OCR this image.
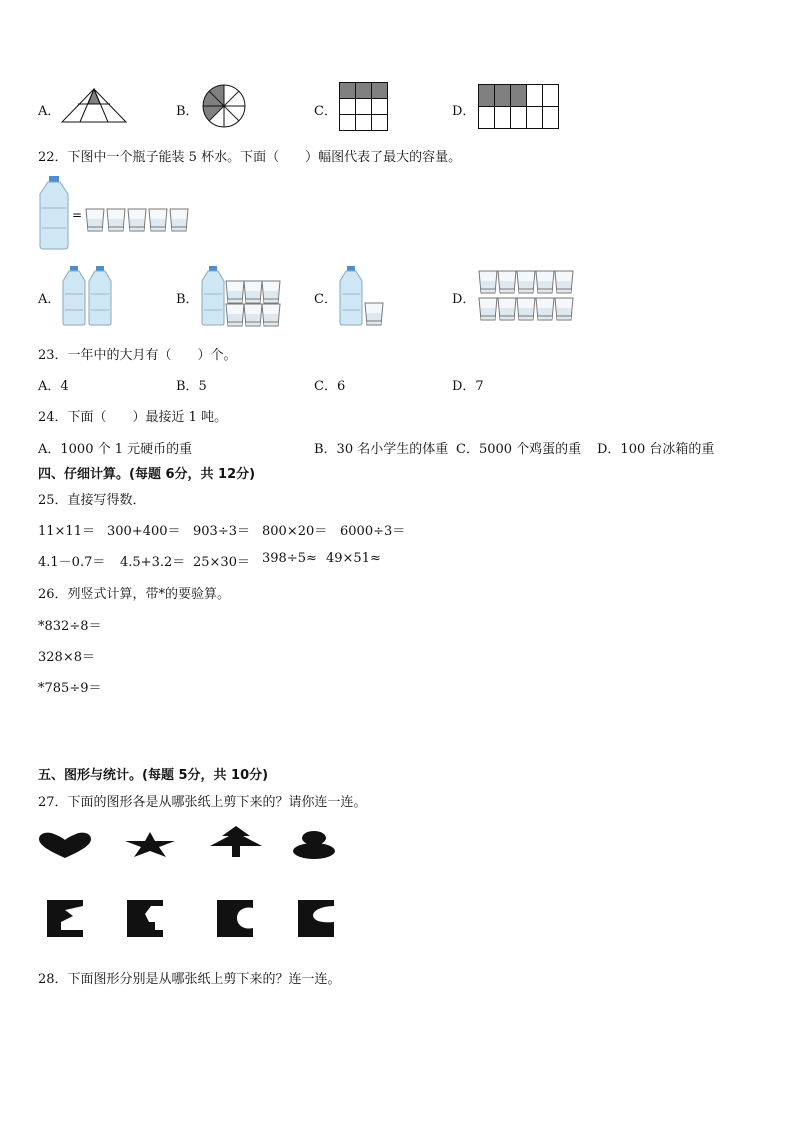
A．	B．	C．	D．
22．下图中一个瓶子能装 5 杯水。下面（　　）幅图代表了最大的容量。
=
A．	B．	C．	D．
23．一年中的大月有（　　）个。
A．4	B．5	C．6	D．7
24．下面（　　）最接近 1 吨。
A．1000 个 1 元硬币的重	B．30 名小学生的体重 C．5000 个鸡蛋的重 D．100 台冰箱的重
四、仔细计算。(每题 6分，共 12分)
25．直接写得数．
11×11＝ 300+400＝ 903÷3＝ 800×20＝ 6000÷3＝
4.1－0.7＝ 4.5+3.2＝ 25×30＝ 398÷5≈ 49×51≈
26．列竖式计算，带*的要验算。
*832÷8＝
328×8＝
*785÷9＝
五、图形与统计。(每题 5分，共 10分)
27．下面的图形各是从哪张纸上剪下来的？请你连一连。
28．下面图形分别是从哪张纸上剪下来的？连一连。
